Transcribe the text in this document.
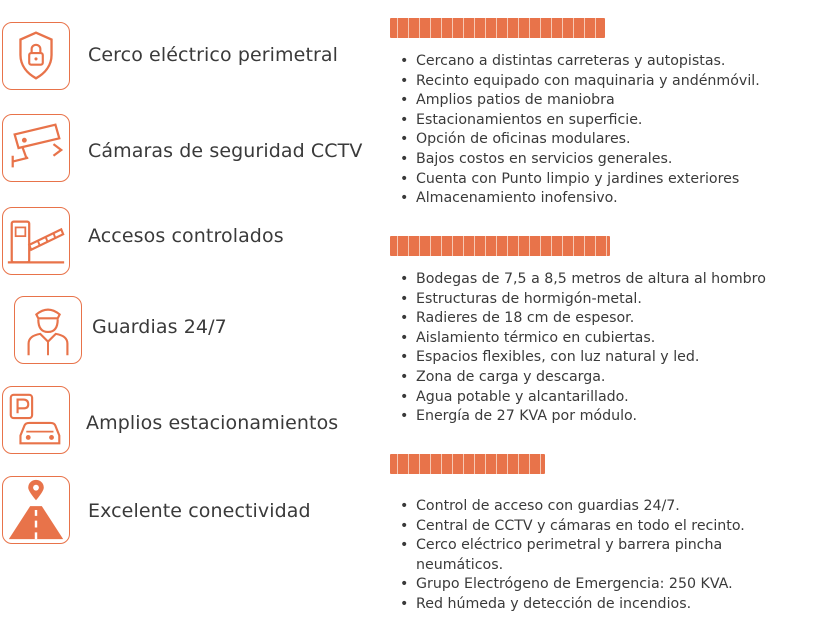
Cerco eléctrico perimetral
Cámaras de seguridad CCTV
Accesos controlados
Guardias 24/7
Amplios estacionamientos
Excelente conectividad
• Cercano a distintas carreteras y autopistas.
• Recinto equipado con maquinaria y andénmóvil.
• Amplios patios de maniobra
• Estacionamientos en superficie.
• Opción de oficinas modulares.
• Bajos costos en servicios generales.
• Cuenta con Punto limpio y jardines exteriores
• Almacenamiento inofensivo.
• Bodegas de 7,5 a 8,5 metros de altura al hombro
• Estructuras de hormigón-metal.
• Radieres de 18 cm de espesor.
• Aislamiento térmico en cubiertas.
• Espacios flexibles, con luz natural y led.
• Zona de carga y descarga.
• Agua potable y alcantarillado.
• Energía de 27 KVA por módulo.
• Control de acceso con guardias 24/7.
• Central de CCTV y cámaras en todo el recinto.
• Cerco eléctrico perimetral y barrera pincha
neumáticos.
• Grupo Electrógeno de Emergencia: 250 KVA.
• Red húmeda y detección de incendios.
